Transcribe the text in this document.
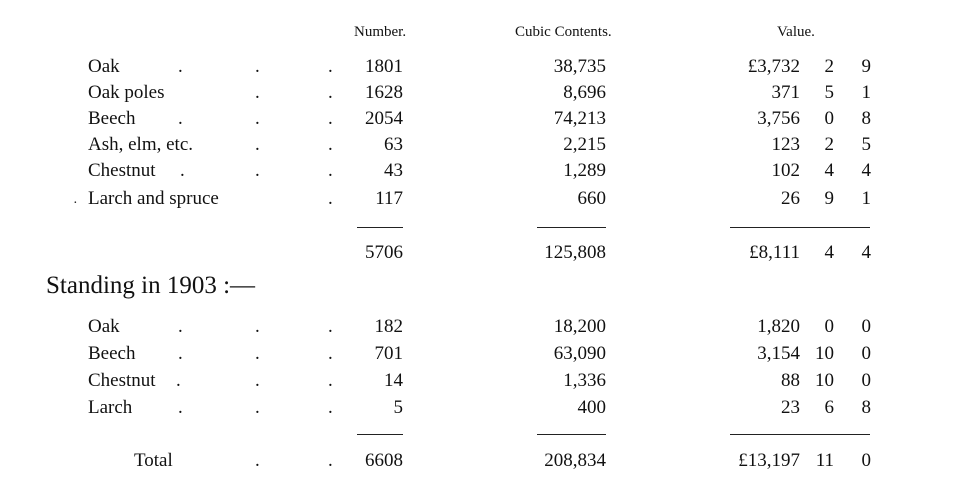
Number.	Cubic Contents.	Value.
Oak	.	.	. 1801	38,735	£3,732 2 9
Oak poles	.	. 1628	8,696	371 5 1
Beech .	.	. 2054	74,213	3,756 0 8
Ash, elm, etc.	.	.	63	2,215	123 2 5
Chestnut .	.	.	43	1,289	102 4 4
· Larch and spruce	. 117	660	26 9 1
5706	125,808	£8,111 4 4
Standing in 1903 :—
Oak	.	.	. 182	18,200	1,820 0 0
Beech .	.	. 701	63,090	3,154 10 0
Chestnut .	.	.	14	1,336	88 10 0
Larch .	.	.	5	400	23 6 8
Total	.	. 6608	208,834	£13,197 11 0
